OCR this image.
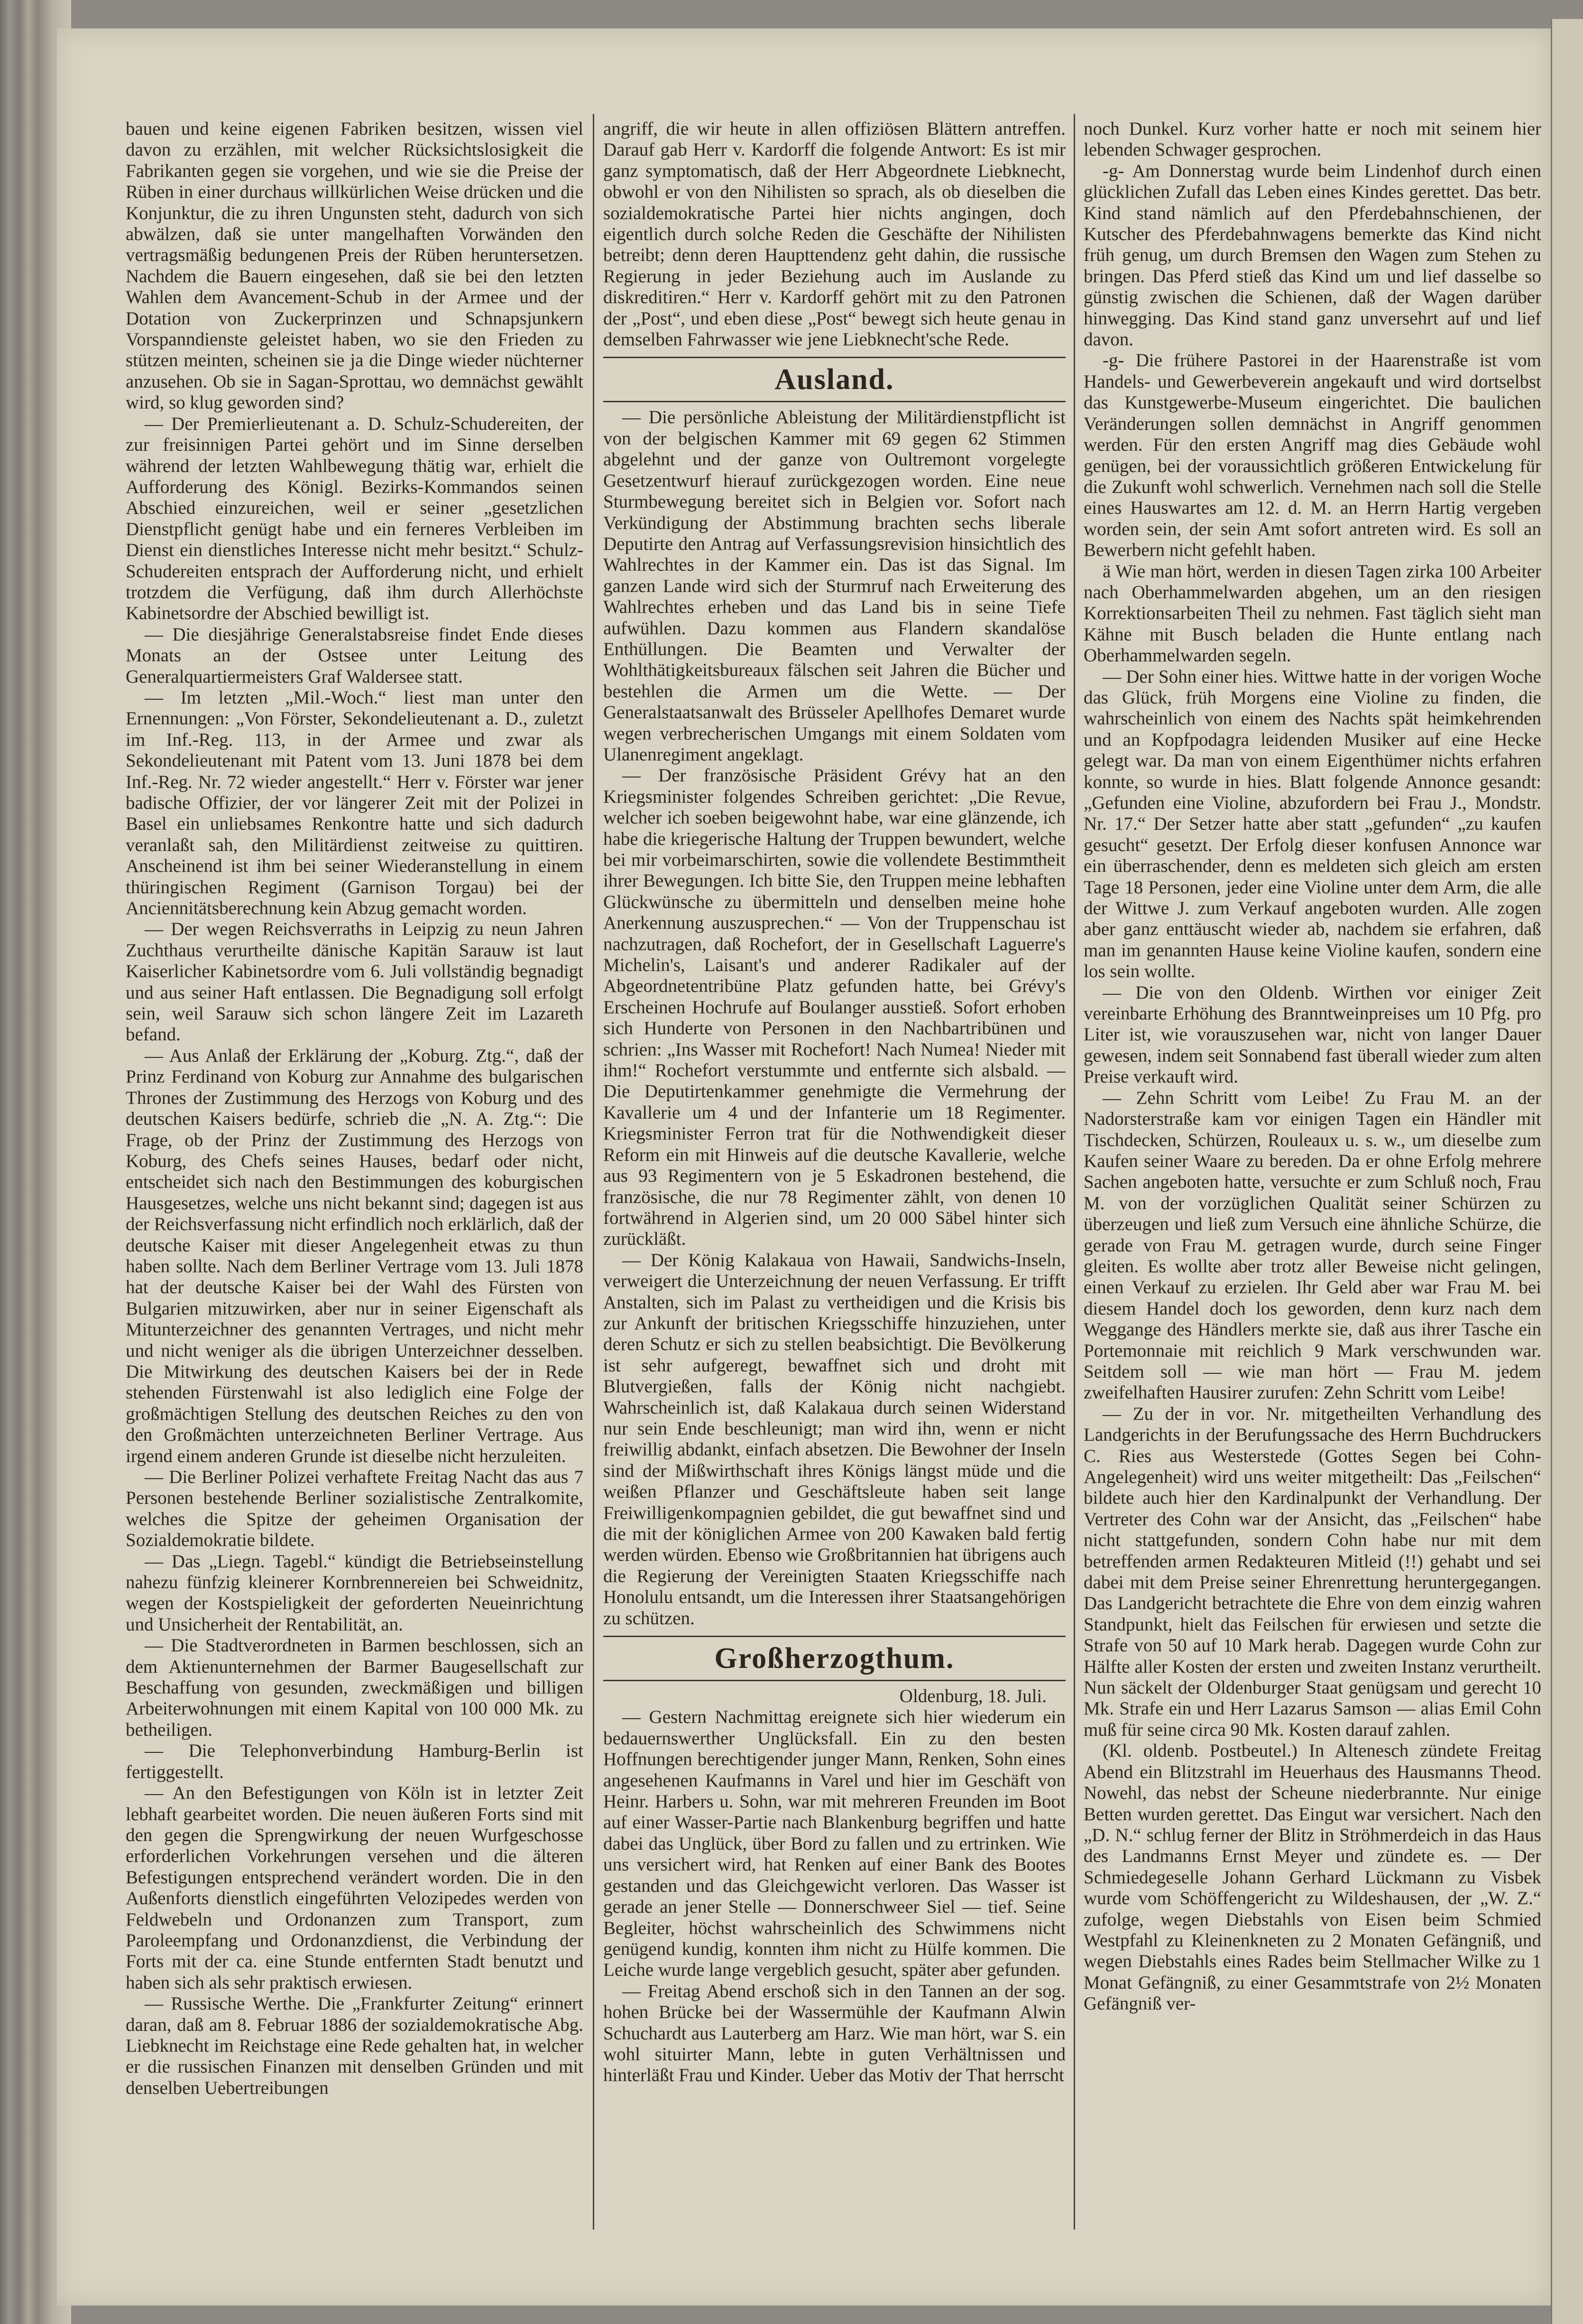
bauen und keine eigenen Fabriken besitzen, wissen viel davon zu erzählen, mit welcher Rücksichtslosigkeit die Fabrikanten gegen sie vorgehen, und wie sie die Preise der Rüben in einer durchaus willkürlichen Weise drücken und die Konjunktur, die zu ihren Ungunsten steht, dadurch von sich abwälzen, daß sie unter mangelhaften Vorwänden den vertragsmäßig bedungenen Preis der Rüben heruntersetzen. Nachdem die Bauern eingesehen, daß sie bei den letzten Wahlen dem Avancement-Schub in der Armee und der Dotation von Zuckerprinzen und Schnapsjunkern Vorspanndienste geleistet haben, wo sie den Frieden zu stützen meinten, scheinen sie ja die Dinge wieder nüchterner anzusehen. Ob sie in Sagan-Sprottau, wo demnächst gewählt wird, so klug geworden sind?

— Der Premierlieutenant a. D. Schulz-Schudereiten, der zur freisinnigen Partei gehört und im Sinne derselben während der letzten Wahlbewegung thätig war, erhielt die Aufforderung des Königl. Bezirks-Kommandos seinen Abschied einzureichen, weil er seiner „gesetzlichen Dienstpflicht genügt habe und ein ferneres Verbleiben im Dienst ein dienstliches Interesse nicht mehr besitzt.“ Schulz-Schudereiten entsprach der Aufforderung nicht, und erhielt trotzdem die Verfügung, daß ihm durch Allerhöchste Kabinetsordre der Abschied bewilligt ist.

— Die diesjährige Generalstabsreise findet Ende dieses Monats an der Ostsee unter Leitung des Generalquartiermeisters Graf Waldersee statt.

— Im letzten „Mil.-Woch.“ liest man unter den Ernennungen: „Von Förster, Sekondelieutenant a. D., zuletzt im Inf.-Reg. 113, in der Armee und zwar als Sekondelieutenant mit Patent vom 13. Juni 1878 bei dem Inf.-Reg. Nr. 72 wieder angestellt.“ Herr v. Förster war jener badische Offizier, der vor längerer Zeit mit der Polizei in Basel ein unliebsames Renkontre hatte und sich dadurch veranlaßt sah, den Militärdienst zeitweise zu quittiren. Anscheinend ist ihm bei seiner Wiederanstellung in einem thüringischen Regiment (Garnison Torgau) bei der Anciennitätsberechnung kein Abzug gemacht worden.

— Der wegen Reichsverraths in Leipzig zu neun Jahren Zuchthaus verurtheilte dänische Kapitän Sarauw ist laut Kaiserlicher Kabinetsordre vom 6. Juli vollständig begnadigt und aus seiner Haft entlassen. Die Begnadigung soll erfolgt sein, weil Sarauw sich schon längere Zeit im Lazareth befand.

— Aus Anlaß der Erklärung der „Koburg. Ztg.“, daß der Prinz Ferdinand von Koburg zur Annahme des bulgarischen Thrones der Zustimmung des Herzogs von Koburg und des deutschen Kaisers bedürfe, schrieb die „N. A. Ztg.“: Die Frage, ob der Prinz der Zustimmung des Herzogs von Koburg, des Chefs seines Hauses, bedarf oder nicht, entscheidet sich nach den Bestimmungen des koburgischen Hausgesetzes, welche uns nicht bekannt sind; dagegen ist aus der Reichsverfassung nicht erfindlich noch erklärlich, daß der deutsche Kaiser mit dieser Angelegenheit etwas zu thun haben sollte. Nach dem Berliner Vertrage vom 13. Juli 1878 hat der deutsche Kaiser bei der Wahl des Fürsten von Bulgarien mitzuwirken, aber nur in seiner Eigenschaft als Mitunterzeichner des genannten Vertrages, und nicht mehr und nicht weniger als die übrigen Unterzeichner desselben. Die Mitwirkung des deutschen Kaisers bei der in Rede stehenden Fürstenwahl ist also lediglich eine Folge der großmächtigen Stellung des deutschen Reiches zu den von den Großmächten unterzeichneten Berliner Vertrage. Aus irgend einem anderen Grunde ist dieselbe nicht herzuleiten.

— Die Berliner Polizei verhaftete Freitag Nacht das aus 7 Personen bestehende Berliner sozialistische Zentralkomite, welches die Spitze der geheimen Organisation der Sozialdemokratie bildete.

— Das „Liegn. Tagebl.“ kündigt die Betriebseinstellung nahezu fünfzig kleinerer Kornbrennereien bei Schweidnitz, wegen der Kostspieligkeit der geforderten Neueinrichtung und Unsicherheit der Rentabilität, an.

— Die Stadtverordneten in Barmen beschlossen, sich an dem Aktienunternehmen der Barmer Baugesellschaft zur Beschaffung von gesunden, zweckmäßigen und billigen Arbeiterwohnungen mit einem Kapital von 100 000 Mk. zu betheiligen.

— Die Telephonverbindung Hamburg-Berlin ist fertiggestellt.

— An den Befestigungen von Köln ist in letzter Zeit lebhaft gearbeitet worden. Die neuen äußeren Forts sind mit den gegen die Sprengwirkung der neuen Wurfgeschosse erforderlichen Vorkehrungen versehen und die älteren Befestigungen entsprechend verändert worden. Die in den Außenforts dienstlich eingeführten Velozipedes werden von Feldwebeln und Ordonanzen zum Transport, zum Paroleempfang und Ordonanzdienst, die Verbindung der Forts mit der ca. eine Stunde entfernten Stadt benutzt und haben sich als sehr praktisch erwiesen.

— Russische Werthe. Die „Frankfurter Zeitung“ erinnert daran, daß am 8. Februar 1886 der sozialdemokratische Abg. Liebknecht im Reichstage eine Rede gehalten hat, in welcher er die russischen Finanzen mit denselben Gründen und mit denselben Uebertreibungen

angriff, die wir heute in allen offiziösen Blättern antreffen. Darauf gab Herr v. Kardorff die folgende Antwort: Es ist mir ganz symptomatisch, daß der Herr Abgeordnete Liebknecht, obwohl er von den Nihilisten so sprach, als ob dieselben die sozialdemokratische Partei hier nichts angingen, doch eigentlich durch solche Reden die Geschäfte der Nihilisten betreibt; denn deren Haupttendenz geht dahin, die russische Regierung in jeder Beziehung auch im Auslande zu diskreditiren.“ Herr v. Kardorff gehört mit zu den Patronen der „Post“, und eben diese „Post“ bewegt sich heute genau in demselben Fahrwasser wie jene Liebknecht'sche Rede.

Ausland.

— Die persönliche Ableistung der Militärdienstpflicht ist von der belgischen Kammer mit 69 gegen 62 Stimmen abgelehnt und der ganze von Oultremont vorgelegte Gesetzentwurf hierauf zurückgezogen worden. Eine neue Sturmbewegung bereitet sich in Belgien vor. Sofort nach Verkündigung der Abstimmung brachten sechs liberale Deputirte den Antrag auf Verfassungsrevision hinsichtlich des Wahlrechtes in der Kammer ein. Das ist das Signal. Im ganzen Lande wird sich der Sturmruf nach Erweiterung des Wahlrechtes erheben und das Land bis in seine Tiefe aufwühlen. Dazu kommen aus Flandern skandalöse Enthüllungen. Die Beamten und Verwalter der Wohlthätigkeitsbureaux fälschen seit Jahren die Bücher und bestehlen die Armen um die Wette. — Der Generalstaatsanwalt des Brüsseler Apellhofes Demaret wurde wegen verbrecherischen Umgangs mit einem Soldaten vom Ulanenregiment angeklagt.

— Der französische Präsident Grévy hat an den Kriegsminister folgendes Schreiben gerichtet: „Die Revue, welcher ich soeben beigewohnt habe, war eine glänzende, ich habe die kriegerische Haltung der Truppen bewundert, welche bei mir vorbeimarschirten, sowie die vollendete Bestimmtheit ihrer Bewegungen. Ich bitte Sie, den Truppen meine lebhaften Glückwünsche zu übermitteln und denselben meine hohe Anerkennung auszusprechen.“ — Von der Truppenschau ist nachzutragen, daß Rochefort, der in Gesellschaft Laguerre's Michelin's, Laisant's und anderer Radikaler auf der Abgeordnetentribüne Platz gefunden hatte, bei Grévy's Erscheinen Hochrufe auf Boulanger ausstieß. Sofort erhoben sich Hunderte von Personen in den Nachbartribünen und schrien: „Ins Wasser mit Rochefort! Nach Numea! Nieder mit ihm!“ Rochefort verstummte und entfernte sich alsbald. — Die Deputirtenkammer genehmigte die Vermehrung der Kavallerie um 4 und der Infanterie um 18 Regimenter. Kriegsminister Ferron trat für die Nothwendigkeit dieser Reform ein mit Hinweis auf die deutsche Kavallerie, welche aus 93 Regimentern von je 5 Eskadronen bestehend, die französische, die nur 78 Regimenter zählt, von denen 10 fortwährend in Algerien sind, um 20 000 Säbel hinter sich zurückläßt.

— Der König Kalakaua von Hawaii, Sandwichs-Inseln, verweigert die Unterzeichnung der neuen Verfassung. Er trifft Anstalten, sich im Palast zu vertheidigen und die Krisis bis zur Ankunft der britischen Kriegsschiffe hinzuziehen, unter deren Schutz er sich zu stellen beabsichtigt. Die Bevölkerung ist sehr aufgeregt, bewaffnet sich und droht mit Blutvergießen, falls der König nicht nachgiebt. Wahrscheinlich ist, daß Kalakaua durch seinen Widerstand nur sein Ende beschleunigt; man wird ihn, wenn er nicht freiwillig abdankt, einfach absetzen. Die Bewohner der Inseln sind der Mißwirthschaft ihres Königs längst müde und die weißen Pflanzer und Geschäftsleute haben seit lange Freiwilligenkompagnien gebildet, die gut bewaffnet sind und die mit der königlichen Armee von 200 Kawaken bald fertig werden würden. Ebenso wie Großbritannien hat übrigens auch die Regierung der Vereinigten Staaten Kriegsschiffe nach Honolulu entsandt, um die Interessen ihrer Staatsangehörigen zu schützen.

Großherzogthum.
Oldenburg, 18. Juli.

— Gestern Nachmittag ereignete sich hier wiederum ein bedauernswerther Unglücksfall. Ein zu den besten Hoffnungen berechtigender junger Mann, Renken, Sohn eines angesehenen Kaufmanns in Varel und hier im Geschäft von Heinr. Harbers u. Sohn, war mit mehreren Freunden im Boot auf einer Wasser-Partie nach Blankenburg begriffen und hatte dabei das Unglück, über Bord zu fallen und zu ertrinken. Wie uns versichert wird, hat Renken auf einer Bank des Bootes gestanden und das Gleichgewicht verloren. Das Wasser ist gerade an jener Stelle — Donnerschweer Siel — tief. Seine Begleiter, höchst wahrscheinlich des Schwimmens nicht genügend kundig, konnten ihm nicht zu Hülfe kommen. Die Leiche wurde lange vergeblich gesucht, später aber gefunden.

— Freitag Abend erschoß sich in den Tannen an der sog. hohen Brücke bei der Wassermühle der Kaufmann Alwin Schuchardt aus Lauterberg am Harz. Wie man hört, war S. ein wohl situirter Mann, lebte in guten Verhältnissen und hinterläßt Frau und Kinder. Ueber das Motiv der That herrscht

noch Dunkel. Kurz vorher hatte er noch mit seinem hier lebenden Schwager gesprochen.

-g- Am Donnerstag wurde beim Lindenhof durch einen glücklichen Zufall das Leben eines Kindes gerettet. Das betr. Kind stand nämlich auf den Pferdebahnschienen, der Kutscher des Pferdebahnwagens bemerkte das Kind nicht früh genug, um durch Bremsen den Wagen zum Stehen zu bringen. Das Pferd stieß das Kind um und lief dasselbe so günstig zwischen die Schienen, daß der Wagen darüber hinwegging. Das Kind stand ganz unversehrt auf und lief davon.

-g- Die frühere Pastorei in der Haarenstraße ist vom Handels- und Gewerbeverein angekauft und wird dortselbst das Kunstgewerbe-Museum eingerichtet. Die baulichen Veränderungen sollen demnächst in Angriff genommen werden. Für den ersten Angriff mag dies Gebäude wohl genügen, bei der voraussichtlich größeren Entwickelung für die Zukunft wohl schwerlich. Vernehmen nach soll die Stelle eines Hauswartes am 12. d. M. an Herrn Hartig vergeben worden sein, der sein Amt sofort antreten wird. Es soll an Bewerbern nicht gefehlt haben.

ä Wie man hört, werden in diesen Tagen zirka 100 Arbeiter nach Oberhammelwarden abgehen, um an den riesigen Korrektionsarbeiten Theil zu nehmen. Fast täglich sieht man Kähne mit Busch beladen die Hunte entlang nach Oberhammelwarden segeln.

— Der Sohn einer hies. Wittwe hatte in der vorigen Woche das Glück, früh Morgens eine Violine zu finden, die wahrscheinlich von einem des Nachts spät heimkehrenden und an Kopfpodagra leidenden Musiker auf eine Hecke gelegt war. Da man von einem Eigenthümer nichts erfahren konnte, so wurde in hies. Blatt folgende Annonce gesandt: „Gefunden eine Violine, abzufordern bei Frau J., Mondstr. Nr. 17.“ Der Setzer hatte aber statt „gefunden“ „zu kaufen gesucht“ gesetzt. Der Erfolg dieser konfusen Annonce war ein überraschender, denn es meldeten sich gleich am ersten Tage 18 Personen, jeder eine Violine unter dem Arm, die alle der Wittwe J. zum Verkauf angeboten wurden. Alle zogen aber ganz enttäuscht wieder ab, nachdem sie erfahren, daß man im genannten Hause keine Violine kaufen, sondern eine los sein wollte.

— Die von den Oldenb. Wirthen vor einiger Zeit vereinbarte Erhöhung des Branntweinpreises um 10 Pfg. pro Liter ist, wie vorauszusehen war, nicht von langer Dauer gewesen, indem seit Sonnabend fast überall wieder zum alten Preise verkauft wird.

— Zehn Schritt vom Leibe! Zu Frau M. an der Nadorsterstraße kam vor einigen Tagen ein Händler mit Tischdecken, Schürzen, Rouleaux u. s. w., um dieselbe zum Kaufen seiner Waare zu bereden. Da er ohne Erfolg mehrere Sachen angeboten hatte, versuchte er zum Schluß noch, Frau M. von der vorzüglichen Qualität seiner Schürzen zu überzeugen und ließ zum Versuch eine ähnliche Schürze, die gerade von Frau M. getragen wurde, durch seine Finger gleiten. Es wollte aber trotz aller Beweise nicht gelingen, einen Verkauf zu erzielen. Ihr Geld aber war Frau M. bei diesem Handel doch los geworden, denn kurz nach dem Weggange des Händlers merkte sie, daß aus ihrer Tasche ein Portemonnaie mit reichlich 9 Mark verschwunden war. Seitdem soll — wie man hört — Frau M. jedem zweifelhaften Hausirer zurufen: Zehn Schritt vom Leibe!

— Zu der in vor. Nr. mitgetheilten Verhandlung des Landgerichts in der Berufungssache des Herrn Buchdruckers C. Ries aus Westerstede (Gottes Segen bei Cohn-Angelegenheit) wird uns weiter mitgetheilt: Das „Feilschen“ bildete auch hier den Kardinalpunkt der Verhandlung. Der Vertreter des Cohn war der Ansicht, das „Feilschen“ habe nicht stattgefunden, sondern Cohn habe nur mit dem betreffenden armen Redakteuren Mitleid (!!) gehabt und sei dabei mit dem Preise seiner Ehrenrettung heruntergegangen. Das Landgericht betrachtete die Ehre von dem einzig wahren Standpunkt, hielt das Feilschen für erwiesen und setzte die Strafe von 50 auf 10 Mark herab. Dagegen wurde Cohn zur Hälfte aller Kosten der ersten und zweiten Instanz verurtheilt. Nun säckelt der Oldenburger Staat genügsam und gerecht 10 Mk. Strafe ein und Herr Lazarus Samson — alias Emil Cohn muß für seine circa 90 Mk. Kosten darauf zahlen.

(Kl. oldenb. Postbeutel.) In Altenesch zündete Freitag Abend ein Blitzstrahl im Heuerhaus des Hausmanns Theod. Nowehl, das nebst der Scheune niederbrannte. Nur einige Betten wurden gerettet. Das Eingut war versichert. Nach den „D. N.“ schlug ferner der Blitz in Ströhmerdeich in das Haus des Landmanns Ernst Meyer und zündete es. — Der Schmiedegeselle Johann Gerhard Lückmann zu Visbek wurde vom Schöffengericht zu Wildeshausen, der „W. Z.“ zufolge, wegen Diebstahls von Eisen beim Schmied Westpfahl zu Kleinenkneten zu 2 Monaten Gefängniß, und wegen Diebstahls eines Rades beim Stellmacher Wilke zu 1 Monat Gefängniß, zu einer Gesammtstrafe von 2½ Monaten Gefängniß ver-
